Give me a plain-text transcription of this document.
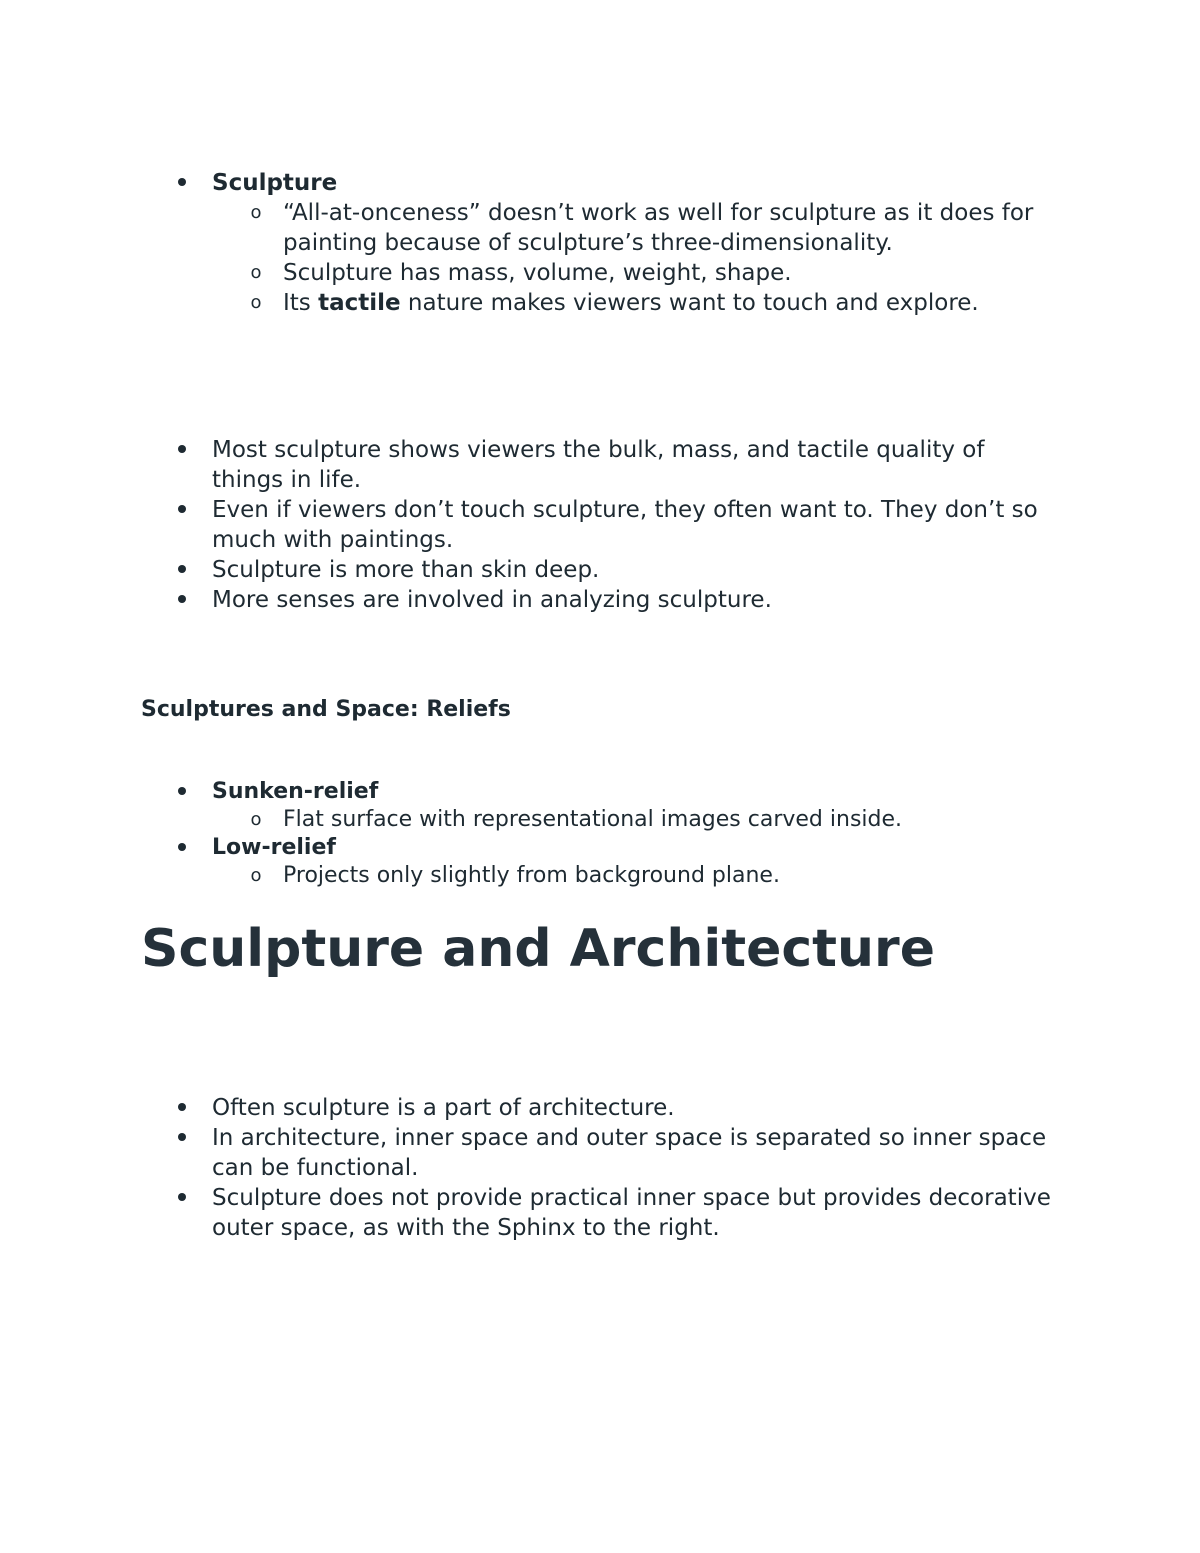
Sculpture
o “All-at-onceness” doesn’t work as well for sculpture as it does for painting because of sculpture’s three-dimensionality.
o Sculpture has mass, volume, weight, shape.
o Its tactile nature makes viewers want to touch and explore.
Most sculpture shows viewers the bulk, mass, and tactile quality of things in life.
Even if viewers don’t touch sculpture, they often want to. They don’t so much with paintings.
Sculpture is more than skin deep.
More senses are involved in analyzing sculpture.
Sculptures and Space: Reliefs
Sunken-relief
o Flat surface with representational images carved inside.
Low-relief
o Projects only slightly from background plane.
Sculpture and Architecture
Often sculpture is a part of architecture.
In architecture, inner space and outer space is separated so inner space can be functional.
Sculpture does not provide practical inner space but provides decorative outer space, as with the Sphinx to the right.
